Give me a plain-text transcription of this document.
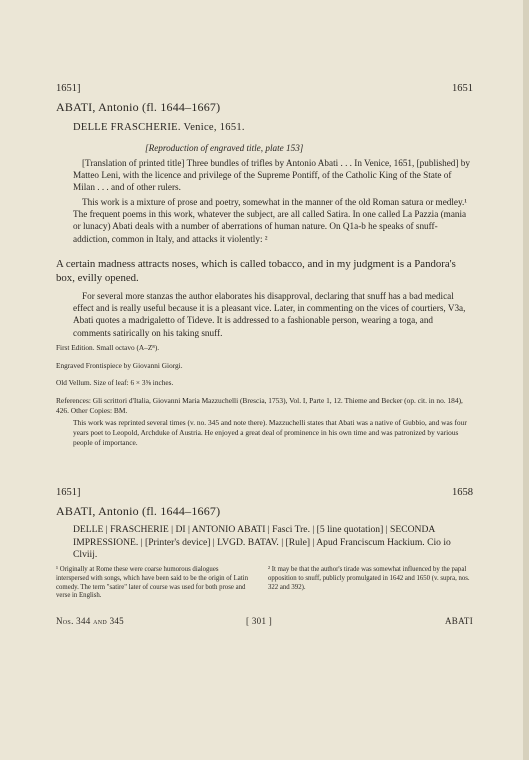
1651]	1651
ABATI, Antonio (fl. 1644–1667)
DELLE FRASCHERIE. Venice, 1651.
[Reproduction of engraved title, plate 153]
[Translation of printed title] Three bundles of trifles by Antonio Abati . . . In Venice, 1651, [published] by Matteo Leni, with the licence and privilege of the Supreme Pontiff, of the Catholic King of the State of Milan . . . and of other rulers.
This work is a mixture of prose and poetry, somewhat in the manner of the old Roman satura or medley.¹ The frequent poems in this work, whatever the subject, are all called Satira. In one called La Pazzia (mania or lunacy) Abati deals with a number of aberrations of human nature. On Q1a-b he speaks of snuff-addiction, common in Italy, and attacks it violently: ²
A certain madness attracts noses, which is called tobacco, and in my judgment is a Pandora's box, evilly opened.
For several more stanzas the author elaborates his disapproval, declaring that snuff has a bad medical effect and is really useful because it is a pleasant vice. Later, in commenting on the vices of courtiers, V3a, Abati quotes a madrigaletto of Tideve. It is addressed to a fashionable person, wearing a toga, and comments satirically on his taking snuff.
First Edition. Small octavo (A–Z⁸).
Engraved Frontispiece by Giovanni Giorgi.
Old Vellum. Size of leaf: 6 × 3⅝ inches.
References: Gli scrittori d'Italia, Giovanni Maria Mazzuchelli (Brescia, 1753), Vol. I, Parte 1, 12. Thieme and Becker (op. cit. in no. 184), 426. Other Copies: BM.
This work was reprinted several times (v. no. 345 and note there). Mazzuchelli states that Abati was a native of Gubbio, and was four years poet to Leopold, Archduke of Austria. He enjoyed a great deal of prominence in his own time and was patronized by various people of importance.
1651]	1658
ABATI, Antonio (fl. 1644–1667)
DELLE | FRASCHERIE | DI | ANTONIO ABATI | Fasci Tre. | [5 line quotation] | SECONDA IMPRESSIONE. | [Printer's device] | LVGD. BATAV. | [Rule] | Apud Franciscum Hackium. Cio io Clviij.
¹ Originally at Rome these were coarse humorous dialogues interspersed with songs, which have been said to be the origin of Latin comedy. The term "satire" later of course was used for both prose and verse in English.
² It may be that the author's tirade was somewhat influenced by the papal opposition to snuff, publicly promulgated in 1642 and 1650 (v. supra, nos. 322 and 392).
Nos. 344 and 345	[ 301 ]	ABATI
